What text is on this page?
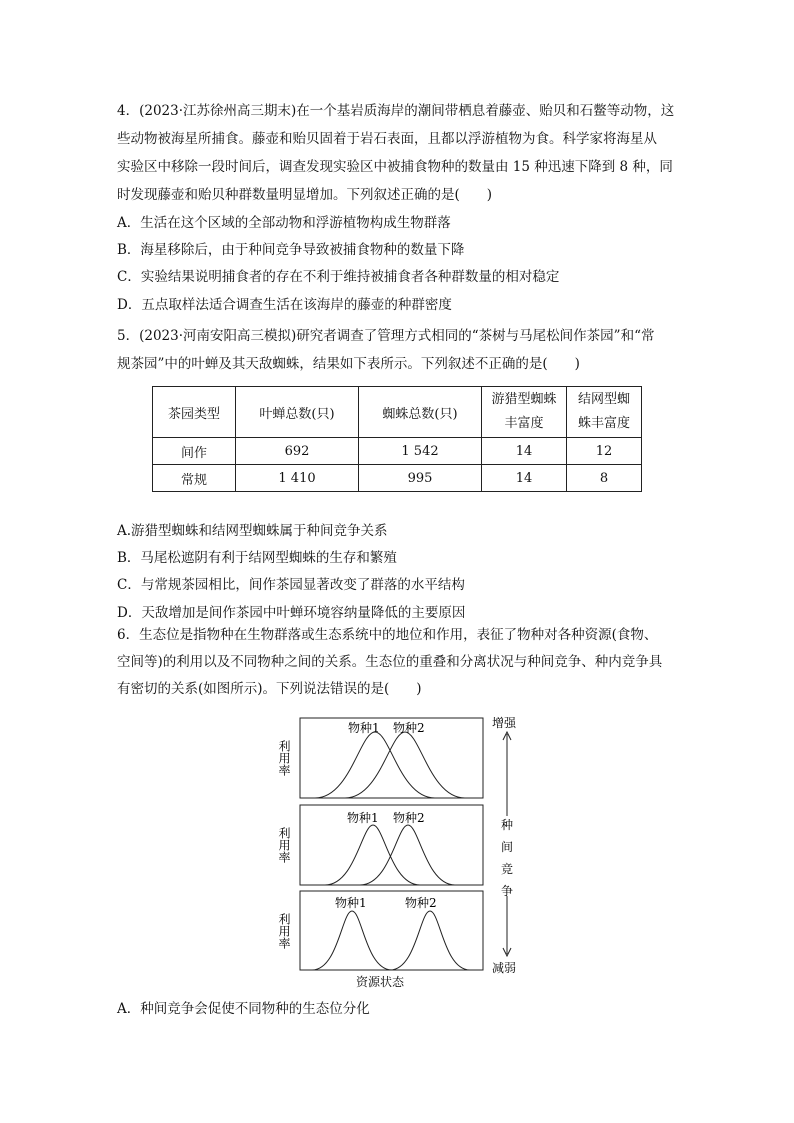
4．(2023·江苏徐州高三期末)在一个基岩质海岸的潮间带栖息着藤壶、贻贝和石鳖等动物，这
些动物被海星所捕食。藤壶和贻贝固着于岩石表面，且都以浮游植物为食。科学家将海星从
实验区中移除一段时间后，调查发现实验区中被捕食物种的数量由 15 种迅速下降到 8 种，同
时发现藤壶和贻贝种群数量明显增加。下列叙述正确的是(　　)
A．生活在这个区域的全部动物和浮游植物构成生物群落
B．海星移除后，由于种间竞争导致被捕食物种的数量下降
C．实验结果说明捕食者的存在不利于维持被捕食者各种群数量的相对稳定
D．五点取样法适合调查生活在该海岸的藤壶的种群密度
5．(2023·河南安阳高三模拟)研究者调查了管理方式相同的“茶树与马尾松间作茶园”和“常
规茶园”中的叶蝉及其天敌蜘蛛，结果如下表所示。下列叙述不正确的是(　　)
茶园类型	叶蝉总数(只)	蜘蛛总数(只)	游猎型蜘蛛丰富度	结网型蜘蛛丰富度
间作	692	1 542	14	12
常规	1 410	995	14	8
A.游猎型蜘蛛和结网型蜘蛛属于种间竞争关系
B．马尾松遮阴有利于结网型蜘蛛的生存和繁殖
C．与常规茶园相比，间作茶园显著改变了群落的水平结构
D．天敌增加是间作茶园中叶蝉环境容纳量降低的主要原因
6．生态位是指物种在生物群落或生态系统中的地位和作用，表征了物种对各种资源(食物、
空间等)的利用以及不同物种之间的关系。生态位的重叠和分离状况与种间竞争、种内竞争具
有密切的关系(如图所示)。下列说法错误的是(　　)
利用率
物种1 物种2
利用率
物种1 物种2
利用率
物种1	物种2
资源状态
增强
种
间
竞
争
减弱
A．种间竞争会促使不同物种的生态位分化
